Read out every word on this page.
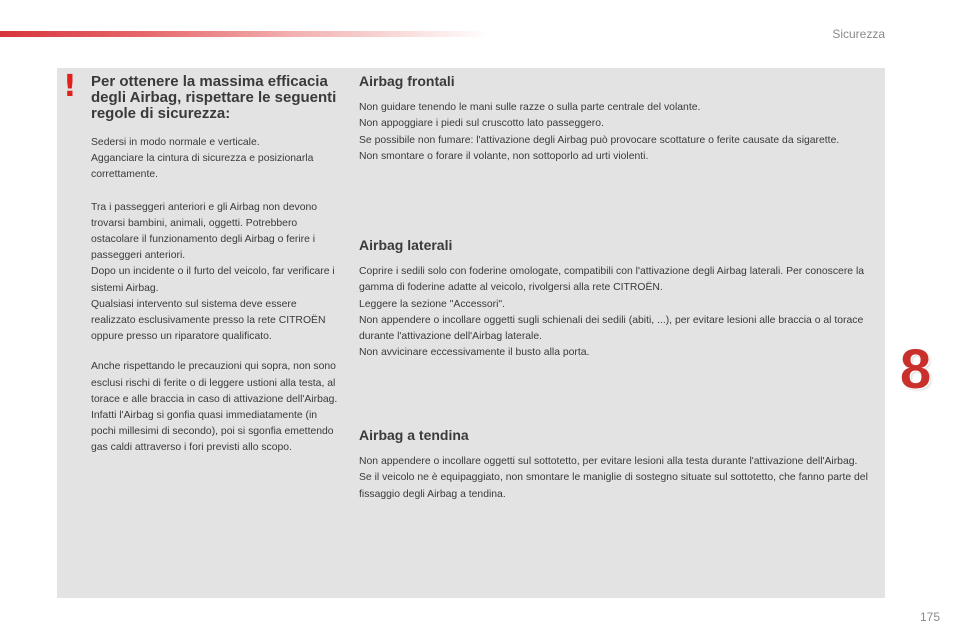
Sicurezza
! Per ottenere la massima efficacia degli Airbag, rispettare le seguenti regole di sicurezza:

Sedersi in modo normale e verticale.
Agganciare la cintura di sicurezza e posizionarla correttamente.

Tra i passeggeri anteriori e gli Airbag non devono trovarsi bambini, animali, oggetti. Potrebbero ostacolare il funzionamento degli Airbag o ferire i passeggeri anteriori.
Dopo un incidente o il furto del veicolo, far verificare i sistemi Airbag.
Qualsiasi intervento sul sistema deve essere realizzato esclusivamente presso la rete CITROËN oppure presso un riparatore qualificato.

Anche rispettando le precauzioni qui sopra, non sono esclusi rischi di ferite o di leggere ustioni alla testa, al torace e alle braccia in caso di attivazione dell'Airbag. Infatti l'Airbag si gonfia quasi immediatamente (in pochi millesimi di secondo), poi si sgonfia emettendo gas caldi attraverso i fori previsti allo scopo.

Airbag frontali

Non guidare tenendo le mani sulle razze o sulla parte centrale del volante.
Non appoggiare i piedi sul cruscotto lato passeggero.
Se possibile non fumare: l'attivazione degli Airbag può provocare scottature o ferite causate da sigarette.
Non smontare o forare il volante, non sottoporlo ad urti violenti.

Airbag laterali

Coprire i sedili solo con foderine omologate, compatibili con l'attivazione degli Airbag laterali. Per conoscere la gamma di foderine adatte al veicolo, rivolgersi alla rete CITROËN.
Leggere la sezione "Accessori".
Non appendere o incollare oggetti sugli schienali dei sedili (abiti, ...), per evitare lesioni alle braccia o al torace durante l'attivazione dell'Airbag laterale.
Non avvicinare eccessivamente il busto alla porta.

Airbag a tendina

Non appendere o incollare oggetti sul sottotetto, per evitare lesioni alla testa durante l'attivazione dell'Airbag.
Se il veicolo ne è equipaggiato, non smontare le maniglie di sostegno situate sul sottotetto, che fanno parte del fissaggio degli Airbag a tendina.

8
175
